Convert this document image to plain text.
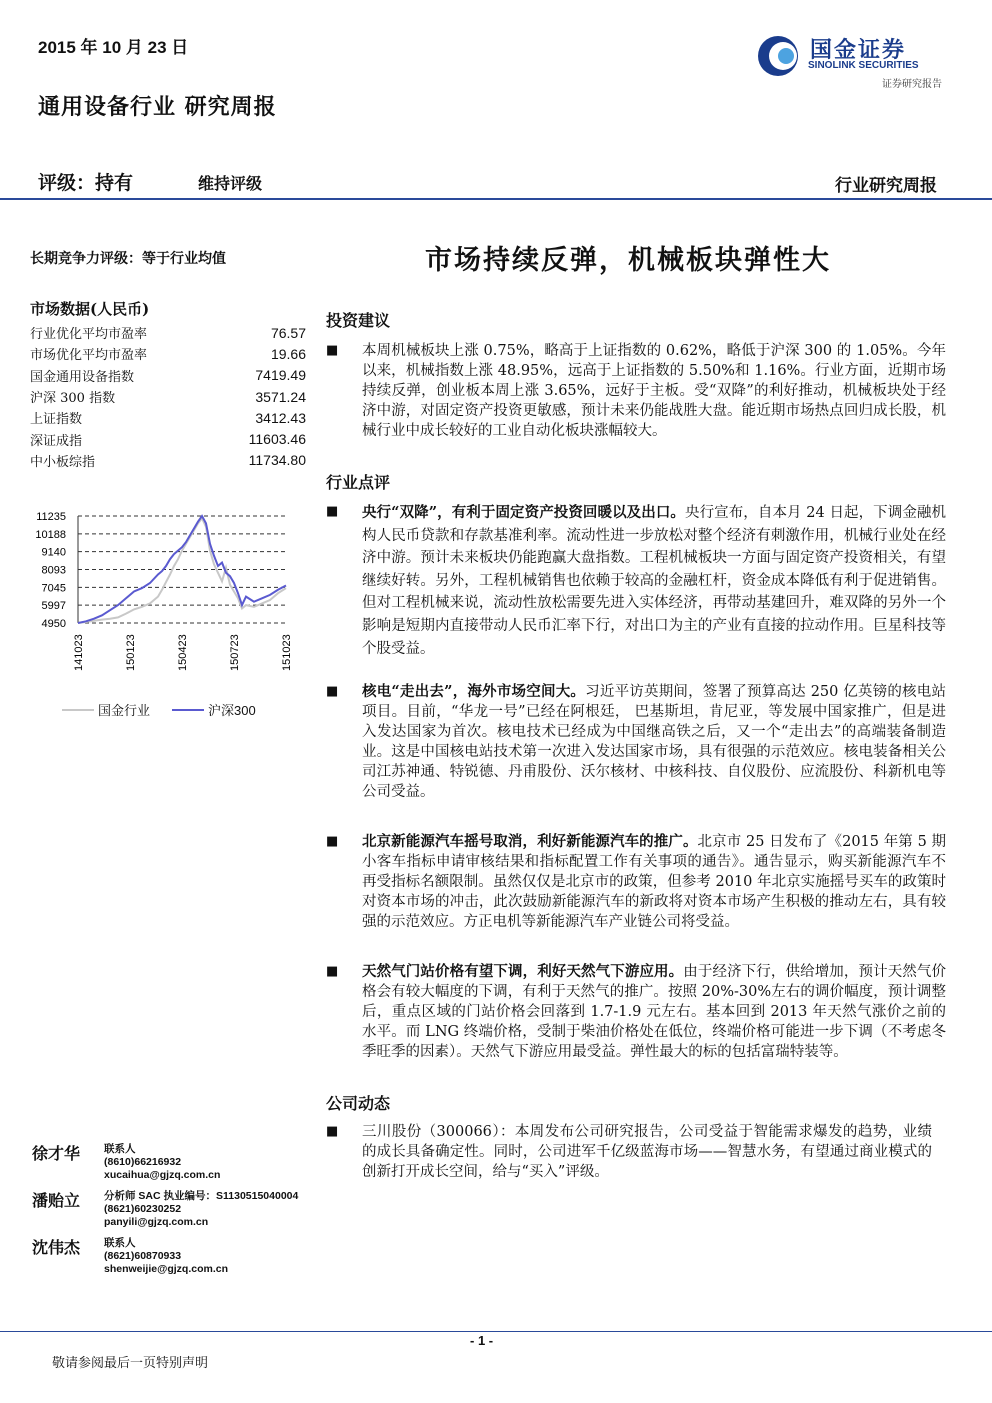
2015 年 10 月 23 日	国金证券
SINOLINK SECURITIES
证券研究报告
通用设备行业 研究周报
评级：持有	维持评级	行业研究周报
长期竞争力评级：等于行业均值	市场持续反弹，机械板块弹性大
市场数据(人民币)
行业优化平均市盈率	76.57
市场优化平均市盈率	19.66
国金通用设备指数	7419.49
沪深 300 指数	3571.24
上证指数	3412.43
深证成指	11603.46
中小板综指	11734.80
11235
10188
9140
8093
7045
5997
4950
141023	150123	150423	150723	151023
国金行业	沪深300
投资建议
■	本周机械板块上涨 0.75%，略高于上证指数的 0.62%，略低于沪深 300 的 1.05%。今年以来，机械指数上涨 48.95%，远高于上证指数的 5.50%和 1.16%。行业方面，近期市场持续反弹，创业板本周上涨 3.65%，远好于主板。受“双降”的利好推动，机械板块处于经济中游，对固定资产投资更敏感，预计未来仍能战胜大盘。能近期市场热点回归成长股，机械行业中成长较好的工业自动化板块涨幅较大。
行业点评
■	央行“双降”，有利于固定资产投资回暖以及出口。央行宣布，自本月 24 日起，下调金融机构人民币贷款和存款基准利率。流动性进一步放松对整个经济有刺激作用，机械行业处在经济中游。预计未来板块仍能跑赢大盘指数。工程机械板块一方面与固定资产投资相关，有望继续好转。另外，工程机械销售也依赖于较高的金融杠杆，资金成本降低有利于促进销售。但对工程机械来说，流动性放松需要先进入实体经济，再带动基建回升，难双降的另外一个影响是短期内直接带动人民币汇率下行，对出口为主的产业有直接的拉动作用。巨星科技等个股受益。
■	核电“走出去”，海外市场空间大。习近平访英期间，签署了预算高达 250 亿英镑的核电站项目。目前，“华龙一号”已经在阿根廷， 巴基斯坦，肯尼亚，等发展中国家推广，但是进入发达国家为首次。核电技术已经成为中国继高铁之后，又一个“走出去”的高端装备制造业。这是中国核电站技术第一次进入发达国家市场，具有很强的示范效应。核电装备相关公司江苏神通、特锐德、丹甫股份、沃尔核材、中核科技、自仪股份、应流股份、科新机电等公司受益。
■	北京新能源汽车摇号取消，利好新能源汽车的推广。北京市 25 日发布了《2015 年第 5 期小客车指标申请审核结果和指标配置工作有关事项的通告》。通告显示，购买新能源汽车不再受指标名额限制。虽然仅仅是北京市的政策，但参考 2010 年北京实施摇号买车的政策时对资本市场的冲击，此次鼓励新能源汽车的新政将对资本市场产生积极的推动左右，具有较强的示范效应。方正电机等新能源汽车产业链公司将受益。
■	天然气门站价格有望下调，利好天然气下游应用。由于经济下行，供给增加，预计天然气价格会有较大幅度的下调，有利于天然气的推广。按照 20%-30%左右的调价幅度，预计调整后，重点区域的门站价格会回落到 1.7-1.9 元左右。基本回到 2013 年天然气涨价之前的水平。而 LNG 终端价格，受制于柴油价格处在低位，终端价格可能进一步下调（不考虑冬季旺季的因素）。天然气下游应用最受益。弹性最大的标的包括富瑞特装等。
公司动态
■	三川股份（300066）：本周发布公司研究报告，公司受益于智能需求爆发的趋势，业绩的成长具备确定性。同时，公司进军千亿级蓝海市场——智慧水务，有望通过商业模式的创新打开成长空间，给与“买入”评级。
徐才华 联系人
(8610)66216932
xucaihua@gjzq.com.cn
潘贻立 分析师 SAC 执业编号：S1130515040004
(8621)60230252
panyili@gjzq.com.cn
沈伟杰 联系人
(8621)60870933
shenweijie@gjzq.com.cn
- 1 -
敬请参阅最后一页特别声明
